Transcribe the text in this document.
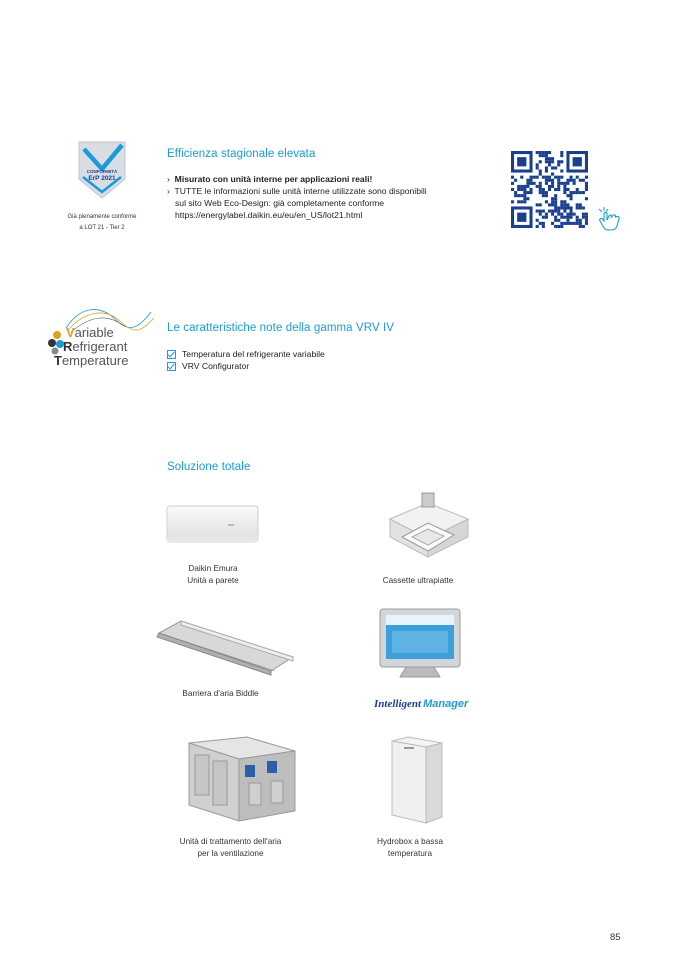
CONFORMITÀ
ErP 2021
Già pienamente conforme
a LOT 21 - Tier 2
Efficienza stagionale elevata
› Misurato con unità interne per applicazioni reali!
› TUTTE le informazioni sulle unità interne utilizzate sono disponibili
sul sito Web Eco-Design: già completamente conforme
https://energylabel.daikin.eu/eu/en_US/lot21.html
Variable
Refrigerant
Temperature
Le caratteristiche note della gamma VRV IV
Temperatura del refrigerante variabile
VRV Configurator
Soluzione totale
Daikin Emura
Unità a parete	Cassette ultrapiatte
Barriera d'aria Biddle
Intelligent Manager
Unità di trattamento dell'aria
per la ventilazione
Hydrobox a bassa
temperatura
85
